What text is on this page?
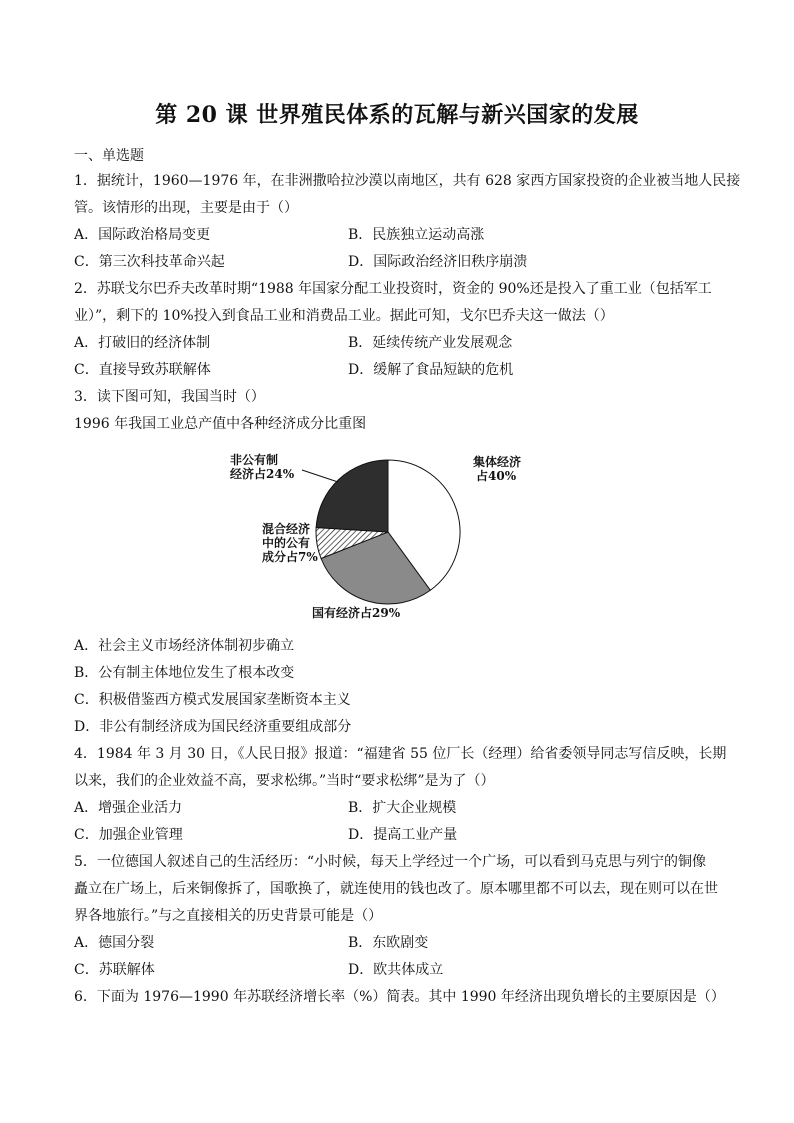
第 20 课 世界殖民体系的瓦解与新兴国家的发展
一、单选题
1．据统计，1960—1976 年，在非洲撒哈拉沙漠以南地区，共有 628 家西方国家投资的企业被当地人民接
管。该情形的出现，主要是由于（）
A．国际政治格局变更	B．民族独立运动高涨
C．第三次科技革命兴起	D．国际政治经济旧秩序崩溃
2．苏联戈尔巴乔夫改革时期“1988 年国家分配工业投资时，资金的 90%还是投入了重工业（包括军工
业）”，剩下的 10%投入到食品工业和消费品工业。据此可知，戈尔巴乔夫这一做法（）
A．打破旧的经济体制	B．延续传统产业发展观念
C．直接导致苏联解体	D．缓解了食品短缺的危机
3．读下图可知，我国当时（）
1996 年我国工业总产值中各种经济成分比重图
集体经济 占40%
国有经济占29%
混合经济 中的公有 成分占7%
非公有制 经济占24%
A．社会主义市场经济体制初步确立
B．公有制主体地位发生了根本改变
C．积极借鉴西方模式发展国家垄断资本主义
D．非公有制经济成为国民经济重要组成部分
4．1984 年 3 月 30 日，《人民日报》报道：“福建省 55 位厂长（经理）给省委领导同志写信反映，长期
以来，我们的企业效益不高，要求松绑。”当时“要求松绑”是为了（）
A．增强企业活力	B．扩大企业规模
C．加强企业管理	D．提高工业产量
5．一位德国人叙述自己的生活经历：“小时候，每天上学经过一个广场，可以看到马克思与列宁的铜像
矗立在广场上，后来铜像拆了，国歌换了，就连使用的钱也改了。原本哪里都不可以去，现在则可以在世
界各地旅行。”与之直接相关的历史背景可能是（）
A．德国分裂	B．东欧剧变
C．苏联解体	D．欧共体成立
6．下面为 1976—1990 年苏联经济增长率（%）简表。其中 1990 年经济出现负增长的主要原因是（）
